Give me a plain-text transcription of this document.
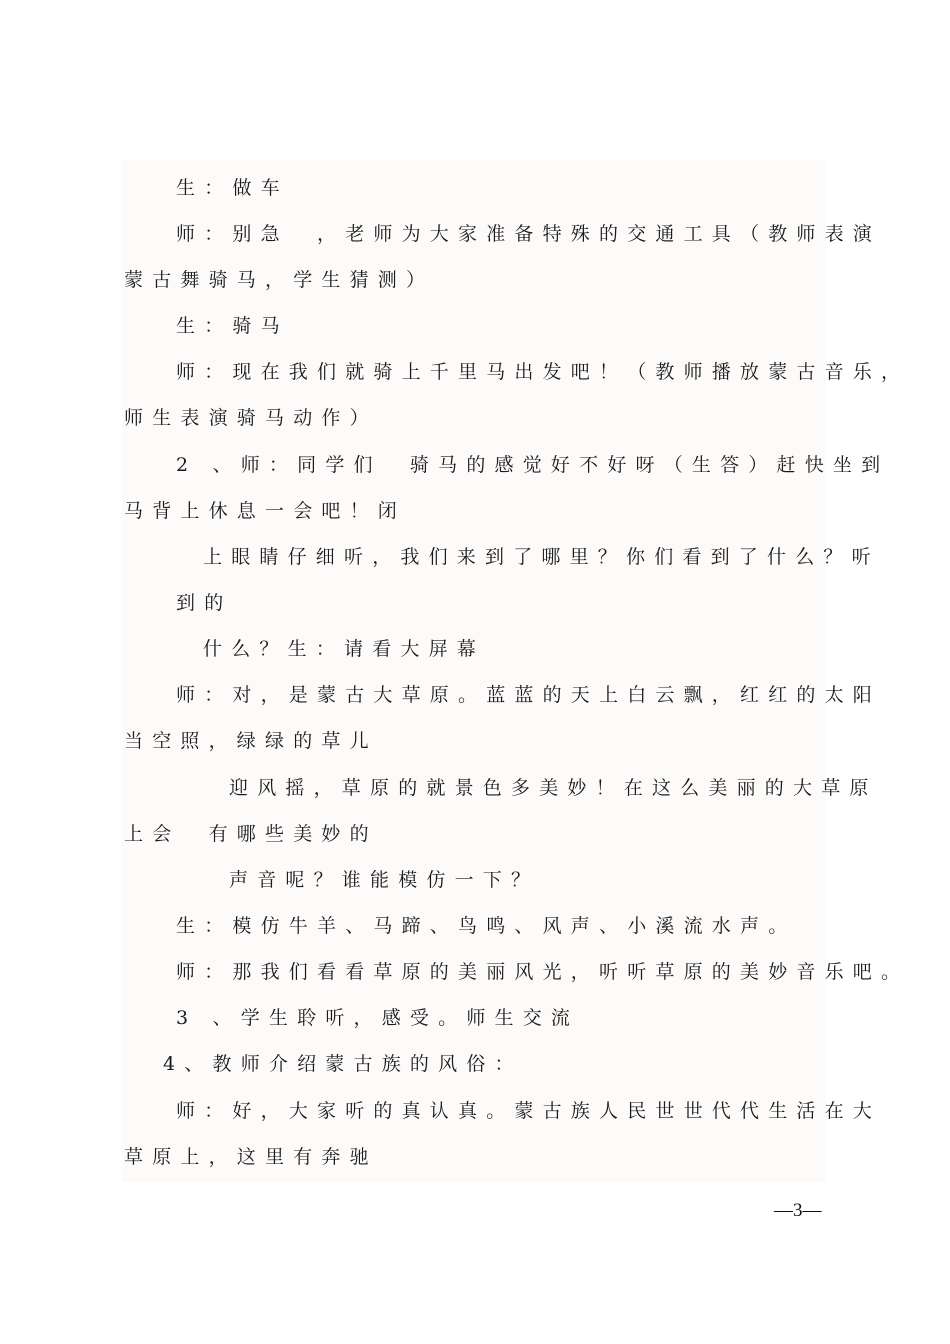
生：做车
师：别急　，老师为大家准备特殊的交通工具（教师表演
蒙古舞骑马，学生猜测）
生：骑马
师：现在我们就骑上千里马出发吧！（教师播放蒙古音乐，
师生表演骑马动作）
2 、师：同学们　骑马的感觉好不好呀（生答）赶快坐到
马背上休息一会吧！闭
上眼睛仔细听，我们来到了哪里？你们看到了什么？听
到的
什么？生：请看大屏幕
师：对，是蒙古大草原。蓝蓝的天上白云飘，红红的太阳
当空照，绿绿的草儿
迎风摇，草原的就景色多美妙！在这么美丽的大草原
上会　有哪些美妙的
声音呢？谁能模仿一下？
生：模仿牛羊、马蹄、鸟鸣、风声、小溪流水声。
师：那我们看看草原的美丽风光，听听草原的美妙音乐吧。
3 、学生聆听，感受。师生交流
4、教师介绍蒙古族的风俗：
师：好，大家听的真认真。蒙古族人民世世代代生活在大
草原上，这里有奔驰
—3—
